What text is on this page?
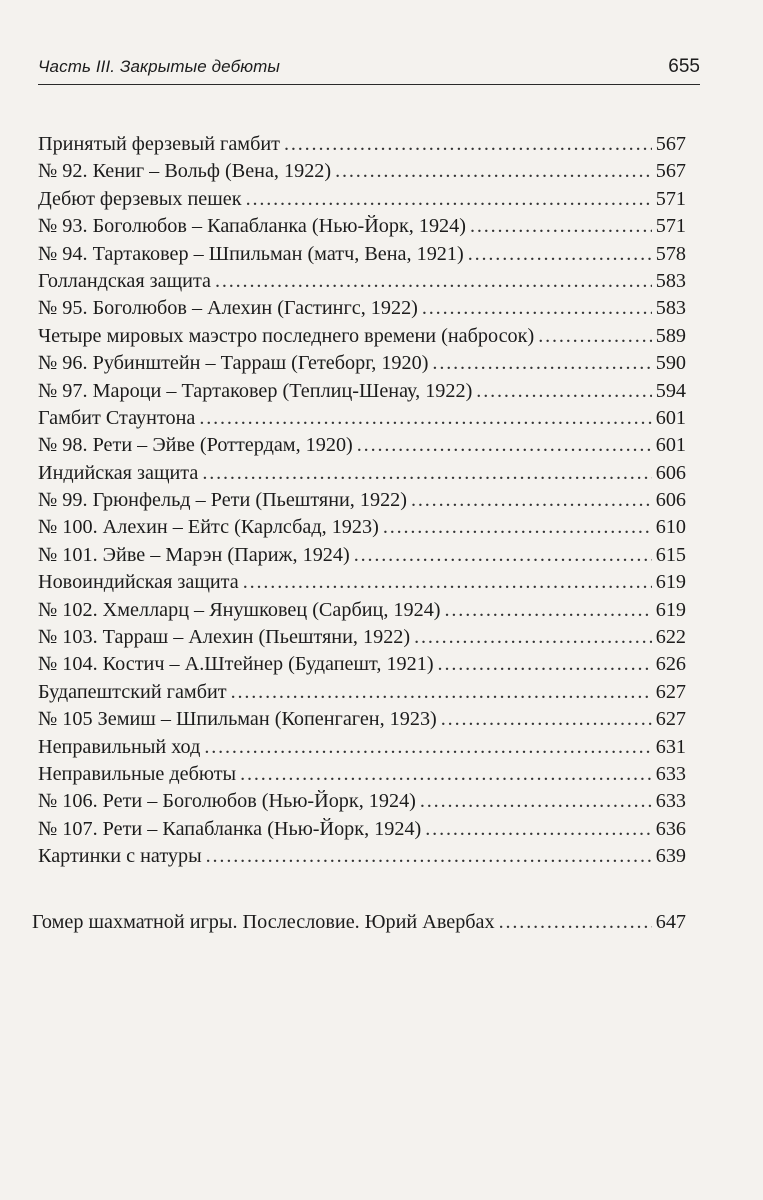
Часть III. Закрытые дебюты	655
Принятый ферзевый гамбит . . .	567
№ 92. Кениг – Вольф (Вена, 1922) . . .	567
Дебют ферзевых пешек . . .	571
№ 93. Боголюбов – Капабланка (Нью-Йорк, 1924) . . .	571
№ 94. Тартаковер – Шпильман (матч, Вена, 1921) . . .	578
Голландская защита . . .	583
№ 95. Боголюбов – Алехин (Гастингс, 1922) . . .	583
Четыре мировых маэстро последнего времени (набросок) . . .	589
№ 96. Рубинштейн – Тарраш (Гетеборг, 1920) . . .	590
№ 97. Мароци – Тартаковер (Теплиц-Шенау, 1922) . . .	594
Гамбит Стаунтона . . .	601
№ 98. Рети – Эйве (Роттердам, 1920) . . .	601
Индийская защита . . .	606
№ 99. Грюнфельд – Рети (Пьештяни, 1922) . . .	606
№ 100. Алехин – Ейтс (Карлсбад, 1923) . . .	610
№ 101. Эйве – Марэн (Париж, 1924) . . .	615
Новоиндийская защита . . .	619
№ 102. Хмелларц – Янушковец (Сарбиц, 1924) . . .	619
№ 103. Тарраш – Алехин (Пьештяни, 1922) . . .	622
№ 104. Костич – А.Штейнер (Будапешт, 1921) . . .	626
Будапештский гамбит . . .	627
№ 105 Земиш – Шпильман (Копенгаген, 1923) . . .	627
Неправильный ход . . .	631
Неправильные дебюты . . .	633
№ 106. Рети – Боголюбов (Нью-Йорк, 1924) . . .	633
№ 107. Рети – Капабланка (Нью-Йорк, 1924) . . .	636
Картинки с натуры . . .	639
Гомер шахматной игры. Послесловие. Юрий Авербах . . .	647
